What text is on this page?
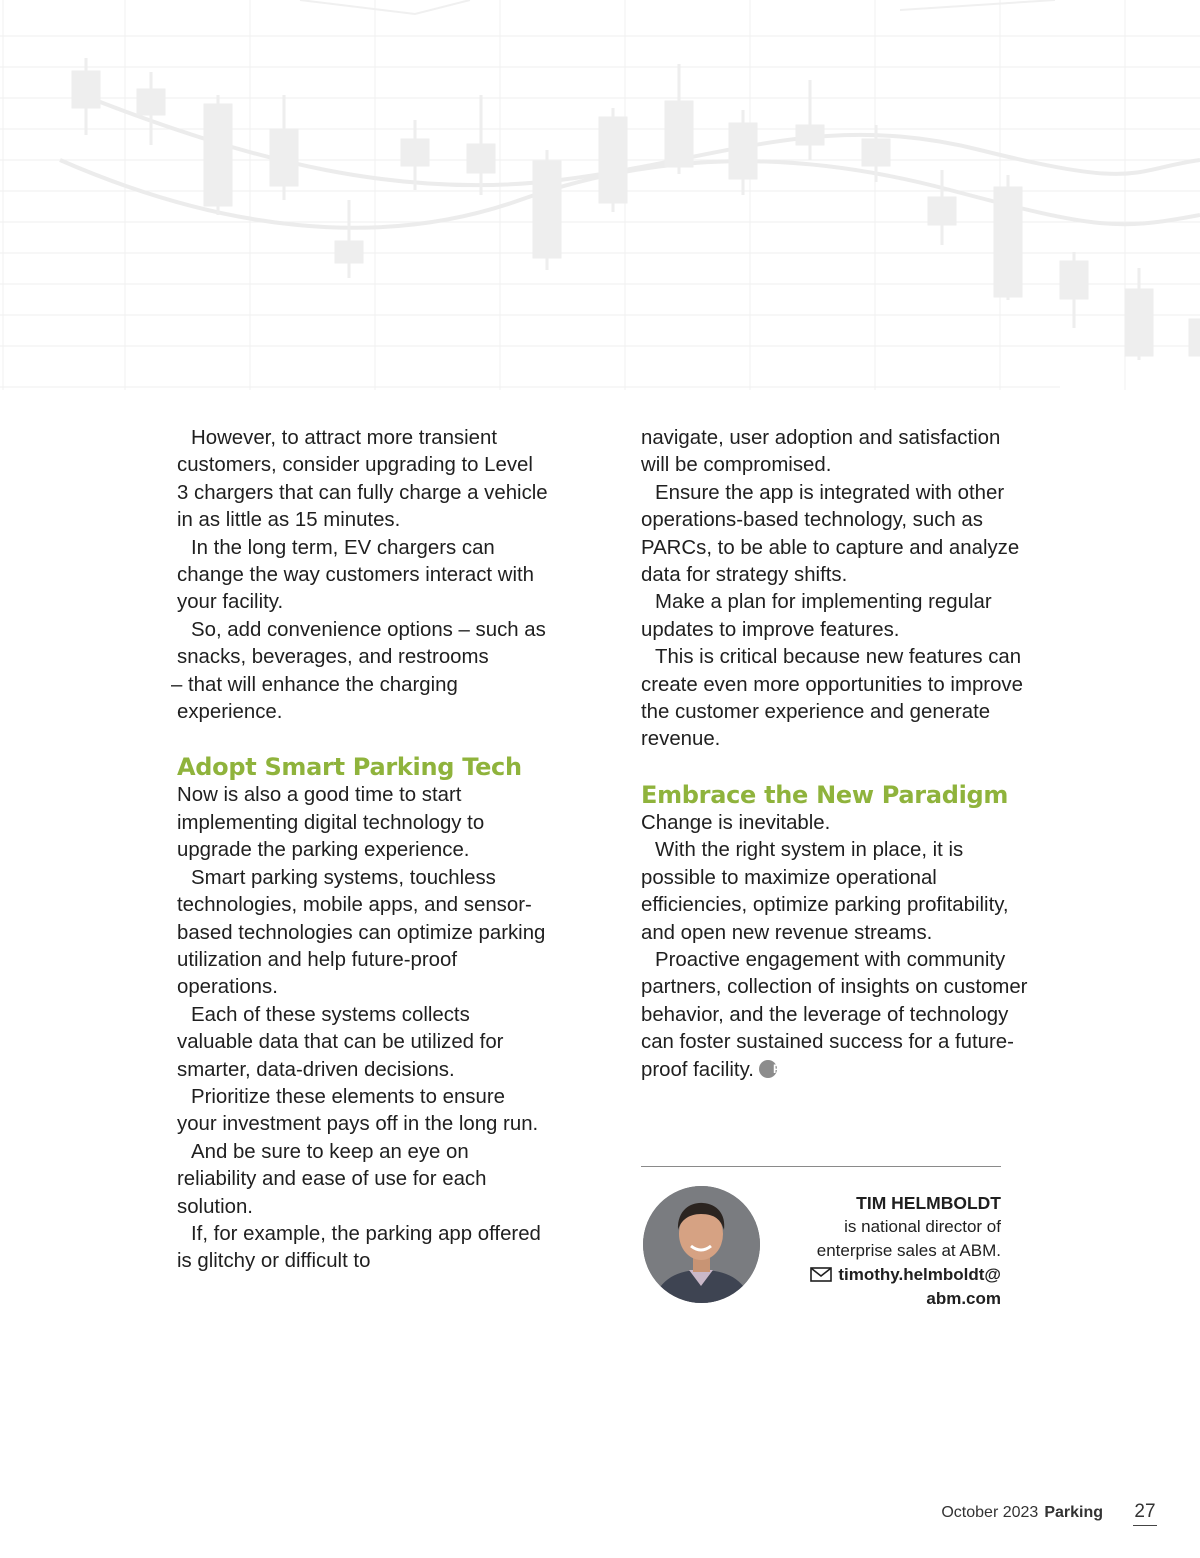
However, to attract more transient customers, consider upgrading to Level 3 chargers that can fully charge a vehicle in as little as 15 minutes.

In the long term, EV chargers can change the way customers interact with your facility.

So, add convenience options – such as snacks, beverages, and restrooms

– that will enhance the charging experience.

Adopt Smart Parking Tech

Now is also a good time to start implementing digital technology to upgrade the parking experience.

Smart parking systems, touchless technologies, mobile apps, and sensor-based technologies can optimize parking utilization and help future-proof operations.

Each of these systems collects valuable data that can be utilized for smarter, data-driven decisions.

Prioritize these elements to ensure your investment pays off in the long run.

And be sure to keep an eye on reliability and ease of use for each solution.

If, for example, the parking app offered is glitchy or difficult to

navigate, user adoption and satisfaction will be compromised.

Ensure the app is integrated with other operations-based technology, such as PARCs, to be able to capture and analyze data for strategy shifts.

Make a plan for implementing regular updates to improve features.

This is critical because new features can create even more opportunities to improve the customer experience and generate revenue.

Embrace the New Paradigm

Change is inevitable.

With the right system in place, it is possible to maximize operational efficiencies, optimize parking profitability, and open new revenue streams.

Proactive engagement with community partners, collection of insights on customer behavior, and the leverage of technology can foster sustained success for a future-proof facility.P

TIM HELMBOLDT
is national director of
enterprise sales at ABM.
timothy.helmboldt@
abm.com
October 2023 Parking 27
